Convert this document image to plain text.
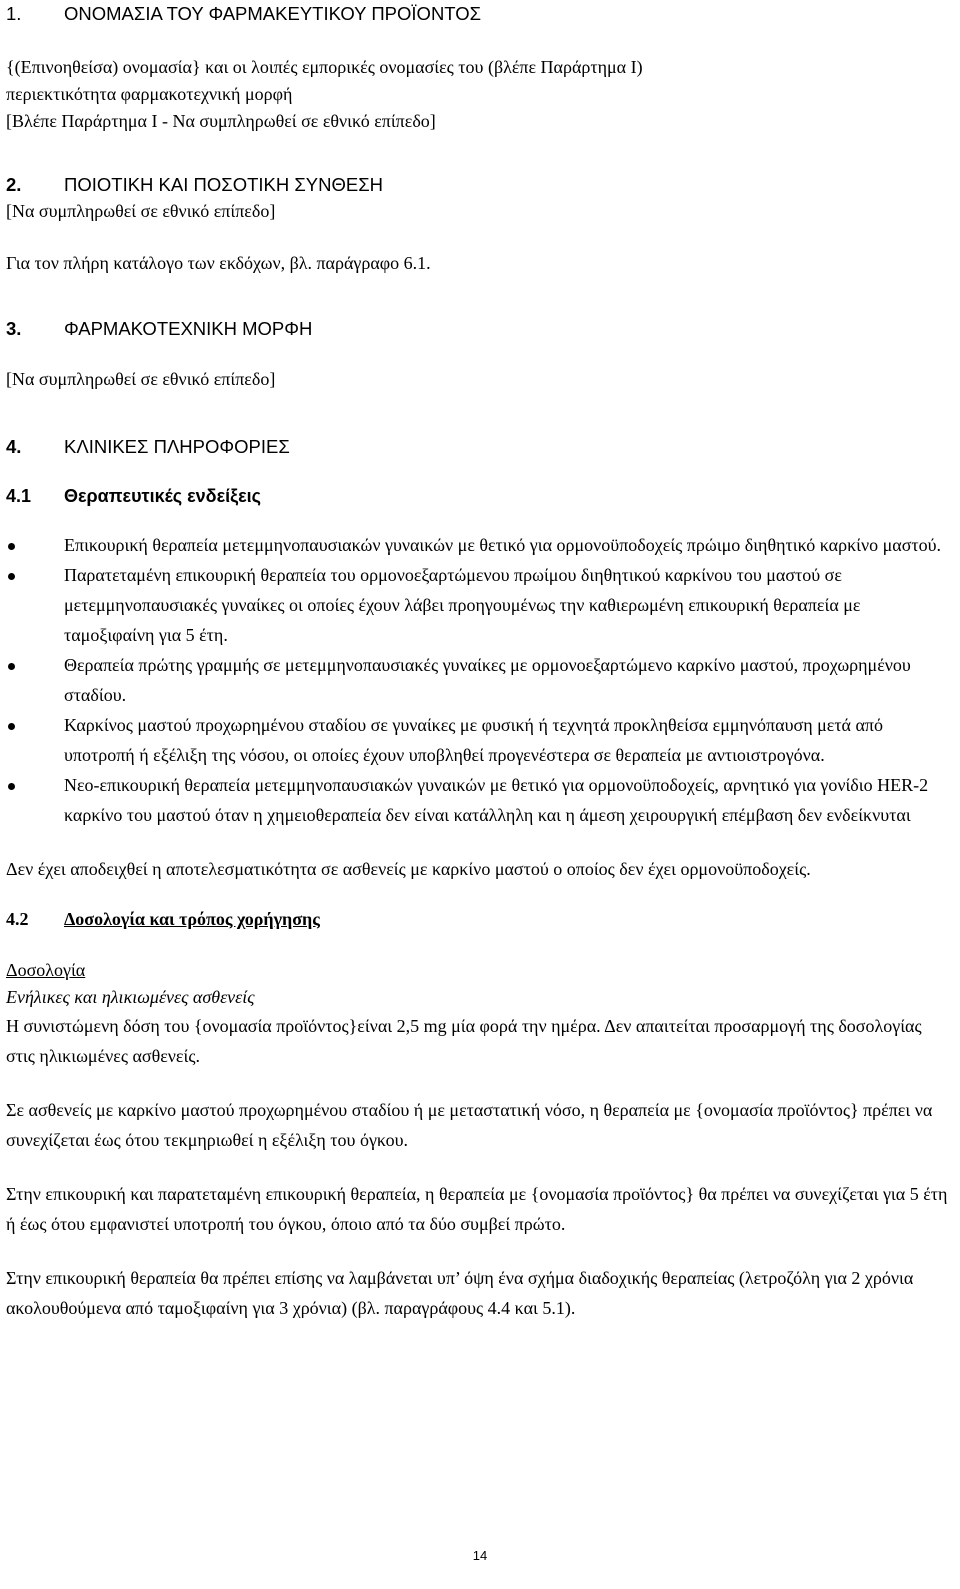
1.	ΟΝΟΜΑΣΙΑ ΤΟΥ ΦΑΡΜΑΚΕΥΤΙΚΟΥ ΠΡΟΪΟΝΤΟΣ

{(Επινοηθείσα) ονομασία} και οι λοιπές εμπορικές ονομασίες του (βλέπε Παράρτημα I)

περιεκτικότητα φαρμακοτεχνική μορφή

[Βλέπε Παράρτημα I - Να συμπληρωθεί σε εθνικό επίπεδο]

2.	ΠΟΙΟΤΙΚΗ ΚΑΙ ΠΟΣΟΤΙΚΗ ΣΥΝΘΕΣΗ

[Να συμπληρωθεί σε εθνικό επίπεδο]

Για τον πλήρη κατάλογο των εκδόχων, βλ. παράγραφο 6.1.

3.	ΦΑΡΜΑΚΟΤΕΧΝΙΚΗ ΜΟΡΦΗ

[Να συμπληρωθεί σε εθνικό επίπεδο]

4.	ΚΛΙΝΙΚΕΣ ΠΛΗΡΟΦΟΡΙΕΣ
4.1	Θεραπευτικές ενδείξεις
Επικουρική θεραπεία μετεμμηνοπαυσιακών γυναικών με θετικό για ορμονοϋποδοχείς πρώιμο διηθητικό καρκίνο μαστού.
Παρατεταμένη επικουρική θεραπεία του ορμονοεξαρτώμενου πρωίμου διηθητικού καρκίνου του μαστού σε μετεμμηνοπαυσιακές γυναίκες οι οποίες έχουν λάβει προηγουμένως την καθιερωμένη επικουρική θεραπεία με ταμοξιφαίνη για 5 έτη.
Θεραπεία πρώτης γραμμής σε μετεμμηνοπαυσιακές γυναίκες με ορμονοεξαρτώμενο καρκίνο μαστού, προχωρημένου σταδίου.
Καρκίνος μαστού προχωρημένου σταδίου σε γυναίκες με φυσική ή τεχνητά προκληθείσα εμμηνόπαυση μετά από υποτροπή ή εξέλιξη της νόσου, οι οποίες έχουν υποβληθεί προγενέστερα σε θεραπεία με αντιοιστρογόνα.
Νεο-επικουρική θεραπεία μετεμμηνοπαυσιακών γυναικών με θετικό για ορμονοϋποδοχείς, αρνητικό για γονίδιο HER-2 καρκίνο του μαστού όταν η χημειοθεραπεία δεν είναι κατάλληλη και η άμεση χειρουργική επέμβαση δεν ενδείκνυται

Δεν έχει αποδειχθεί η αποτελεσματικότητα σε ασθενείς με καρκίνο μαστού ο οποίος δεν έχει ορμονοϋποδοχείς.

4.2	Δοσολογία και τρόπος χορήγησης

Δοσολογία

Ενήλικες και ηλικιωμένες ασθενείς

Η συνιστώμενη δόση του {ονομασία προϊόντος}είναι 2,5 mg μία φορά την ημέρα. Δεν απαιτείται προσαρμογή της δοσολογίας στις ηλικιωμένες ασθενείς.

Σε ασθενείς με καρκίνο μαστού προχωρημένου σταδίου ή με μεταστατική νόσο, η θεραπεία με {ονομασία προϊόντος} πρέπει να συνεχίζεται έως ότου τεκμηριωθεί η εξέλιξη του όγκου.

Στην επικουρική και παρατεταμένη επικουρική θεραπεία, η θεραπεία με {ονομασία προϊόντος} θα πρέπει να συνεχίζεται για 5 έτη ή έως ότου εμφανιστεί υποτροπή του όγκου, όποιο από τα δύο συμβεί πρώτο.

Στην επικουρική θεραπεία θα πρέπει επίσης να λαμβάνεται υπ’ όψη ένα σχήμα διαδοχικής θεραπείας (λετροζόλη για 2 χρόνια ακολουθούμενα από ταμοξιφαίνη για 3 χρόνια) (βλ. παραγράφους 4.4 και 5.1).

14
